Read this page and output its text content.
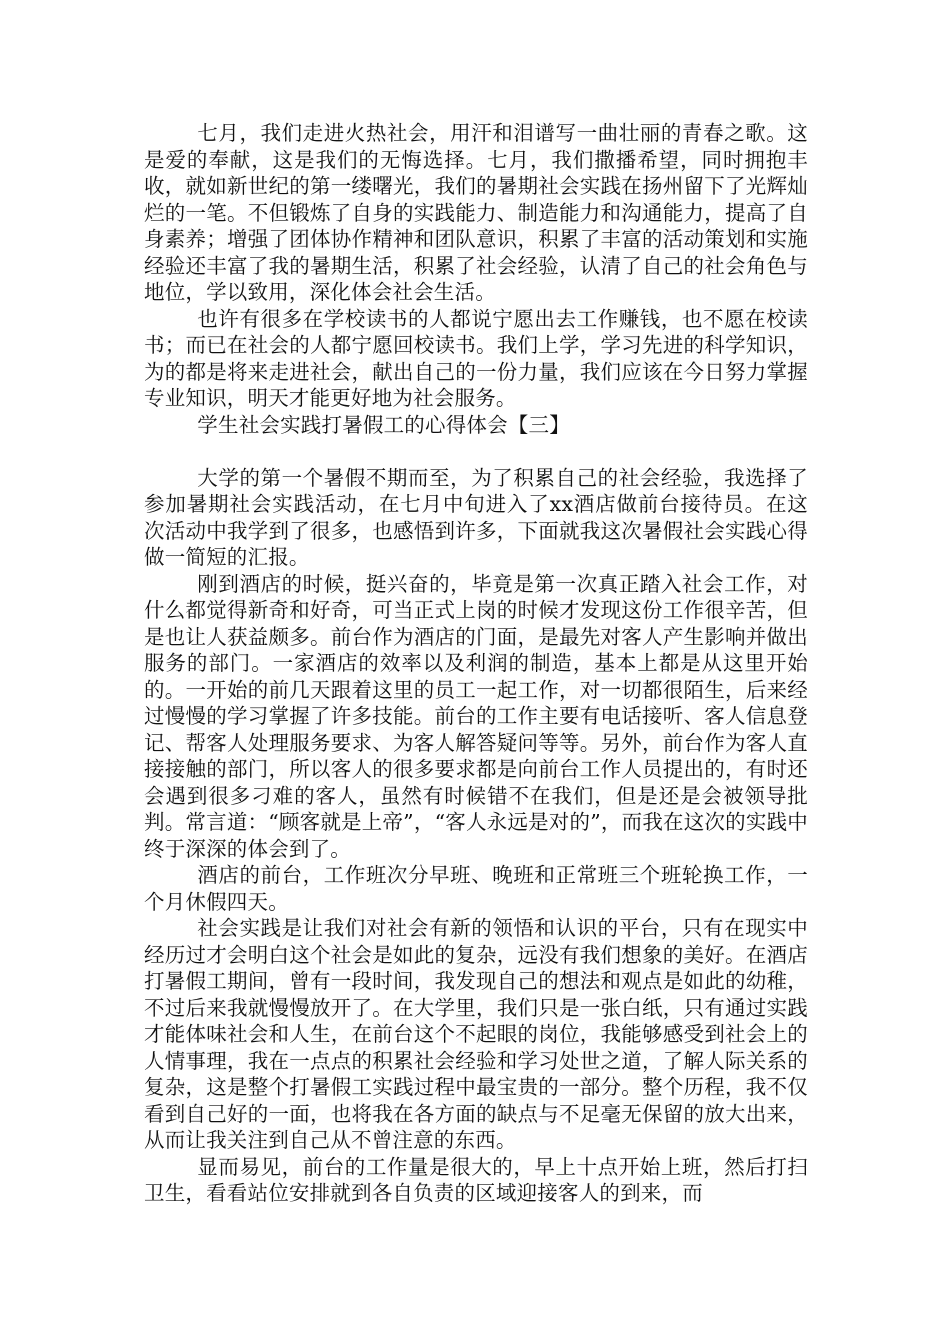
七月，我们走进火热社会，用汗和泪谱写一曲壮丽的青春之歌。这是爱的奉献，这是我们的无悔选择。七月，我们撒播希望，同时拥抱丰收，就如新世纪的第一缕曙光，我们的暑期社会实践在扬州留下了光辉灿烂的一笔。不但锻炼了自身的实践能力、制造能力和沟通能力，提高了自身素养；增强了团体协作精神和团队意识，积累了丰富的活动策划和实施经验还丰富了我的暑期生活，积累了社会经验，认清了自己的社会角色与地位，学以致用，深化体会社会生活。

也许有很多在学校读书的人都说宁愿出去工作赚钱，也不愿在校读书；而已在社会的人都宁愿回校读书。我们上学，学习先进的科学知识，为的都是将来走进社会，献出自己的一份力量，我们应该在今日努力掌握专业知识，明天才能更好地为社会服务。

学生社会实践打暑假工的心得体会【三】

大学的第一个暑假不期而至，为了积累自己的社会经验，我选择了参加暑期社会实践活动，在七月中旬进入了xx酒店做前台接待员。在这次活动中我学到了很多，也感悟到许多，下面就我这次暑假社会实践心得做一简短的汇报。

刚到酒店的时候，挺兴奋的，毕竟是第一次真正踏入社会工作，对什么都觉得新奇和好奇，可当正式上岗的时候才发现这份工作很辛苦，但是也让人获益颇多。前台作为酒店的门面，是最先对客人产生影响并做出服务的部门。一家酒店的效率以及利润的制造，基本上都是从这里开始的。一开始的前几天跟着这里的员工一起工作，对一切都很陌生，后来经过慢慢的学习掌握了许多技能。前台的工作主要有电话接听、客人信息登记、帮客人处理服务要求、为客人解答疑问等等。另外，前台作为客人直接接触的部门，所以客人的很多要求都是向前台工作人员提出的，有时还会遇到很多刁难的客人，虽然有时候错不在我们，但是还是会被领导批判。常言道：“顾客就是上帝”，“客人永远是对的”，而我在这次的实践中终于深深的体会到了。

酒店的前台，工作班次分早班、晚班和正常班三个班轮换工作，一个月休假四天。

社会实践是让我们对社会有新的领悟和认识的平台，只有在现实中经历过才会明白这个社会是如此的复杂，远没有我们想象的美好。在酒店打暑假工期间，曾有一段时间，我发现自己的想法和观点是如此的幼稚，不过后来我就慢慢放开了。在大学里，我们只是一张白纸，只有通过实践才能体味社会和人生，在前台这个不起眼的岗位，我能够感受到社会上的人情事理，我在一点点的积累社会经验和学习处世之道，了解人际关系的复杂，这是整个打暑假工实践过程中最宝贵的一部分。整个历程，我不仅看到自己好的一面，也将我在各方面的缺点与不足毫无保留的放大出来，从而让我关注到自己从不曾注意的东西。

显而易见，前台的工作量是很大的，早上十点开始上班，然后打扫卫生，看看站位安排就到各自负责的区域迎接客人的到来，而
